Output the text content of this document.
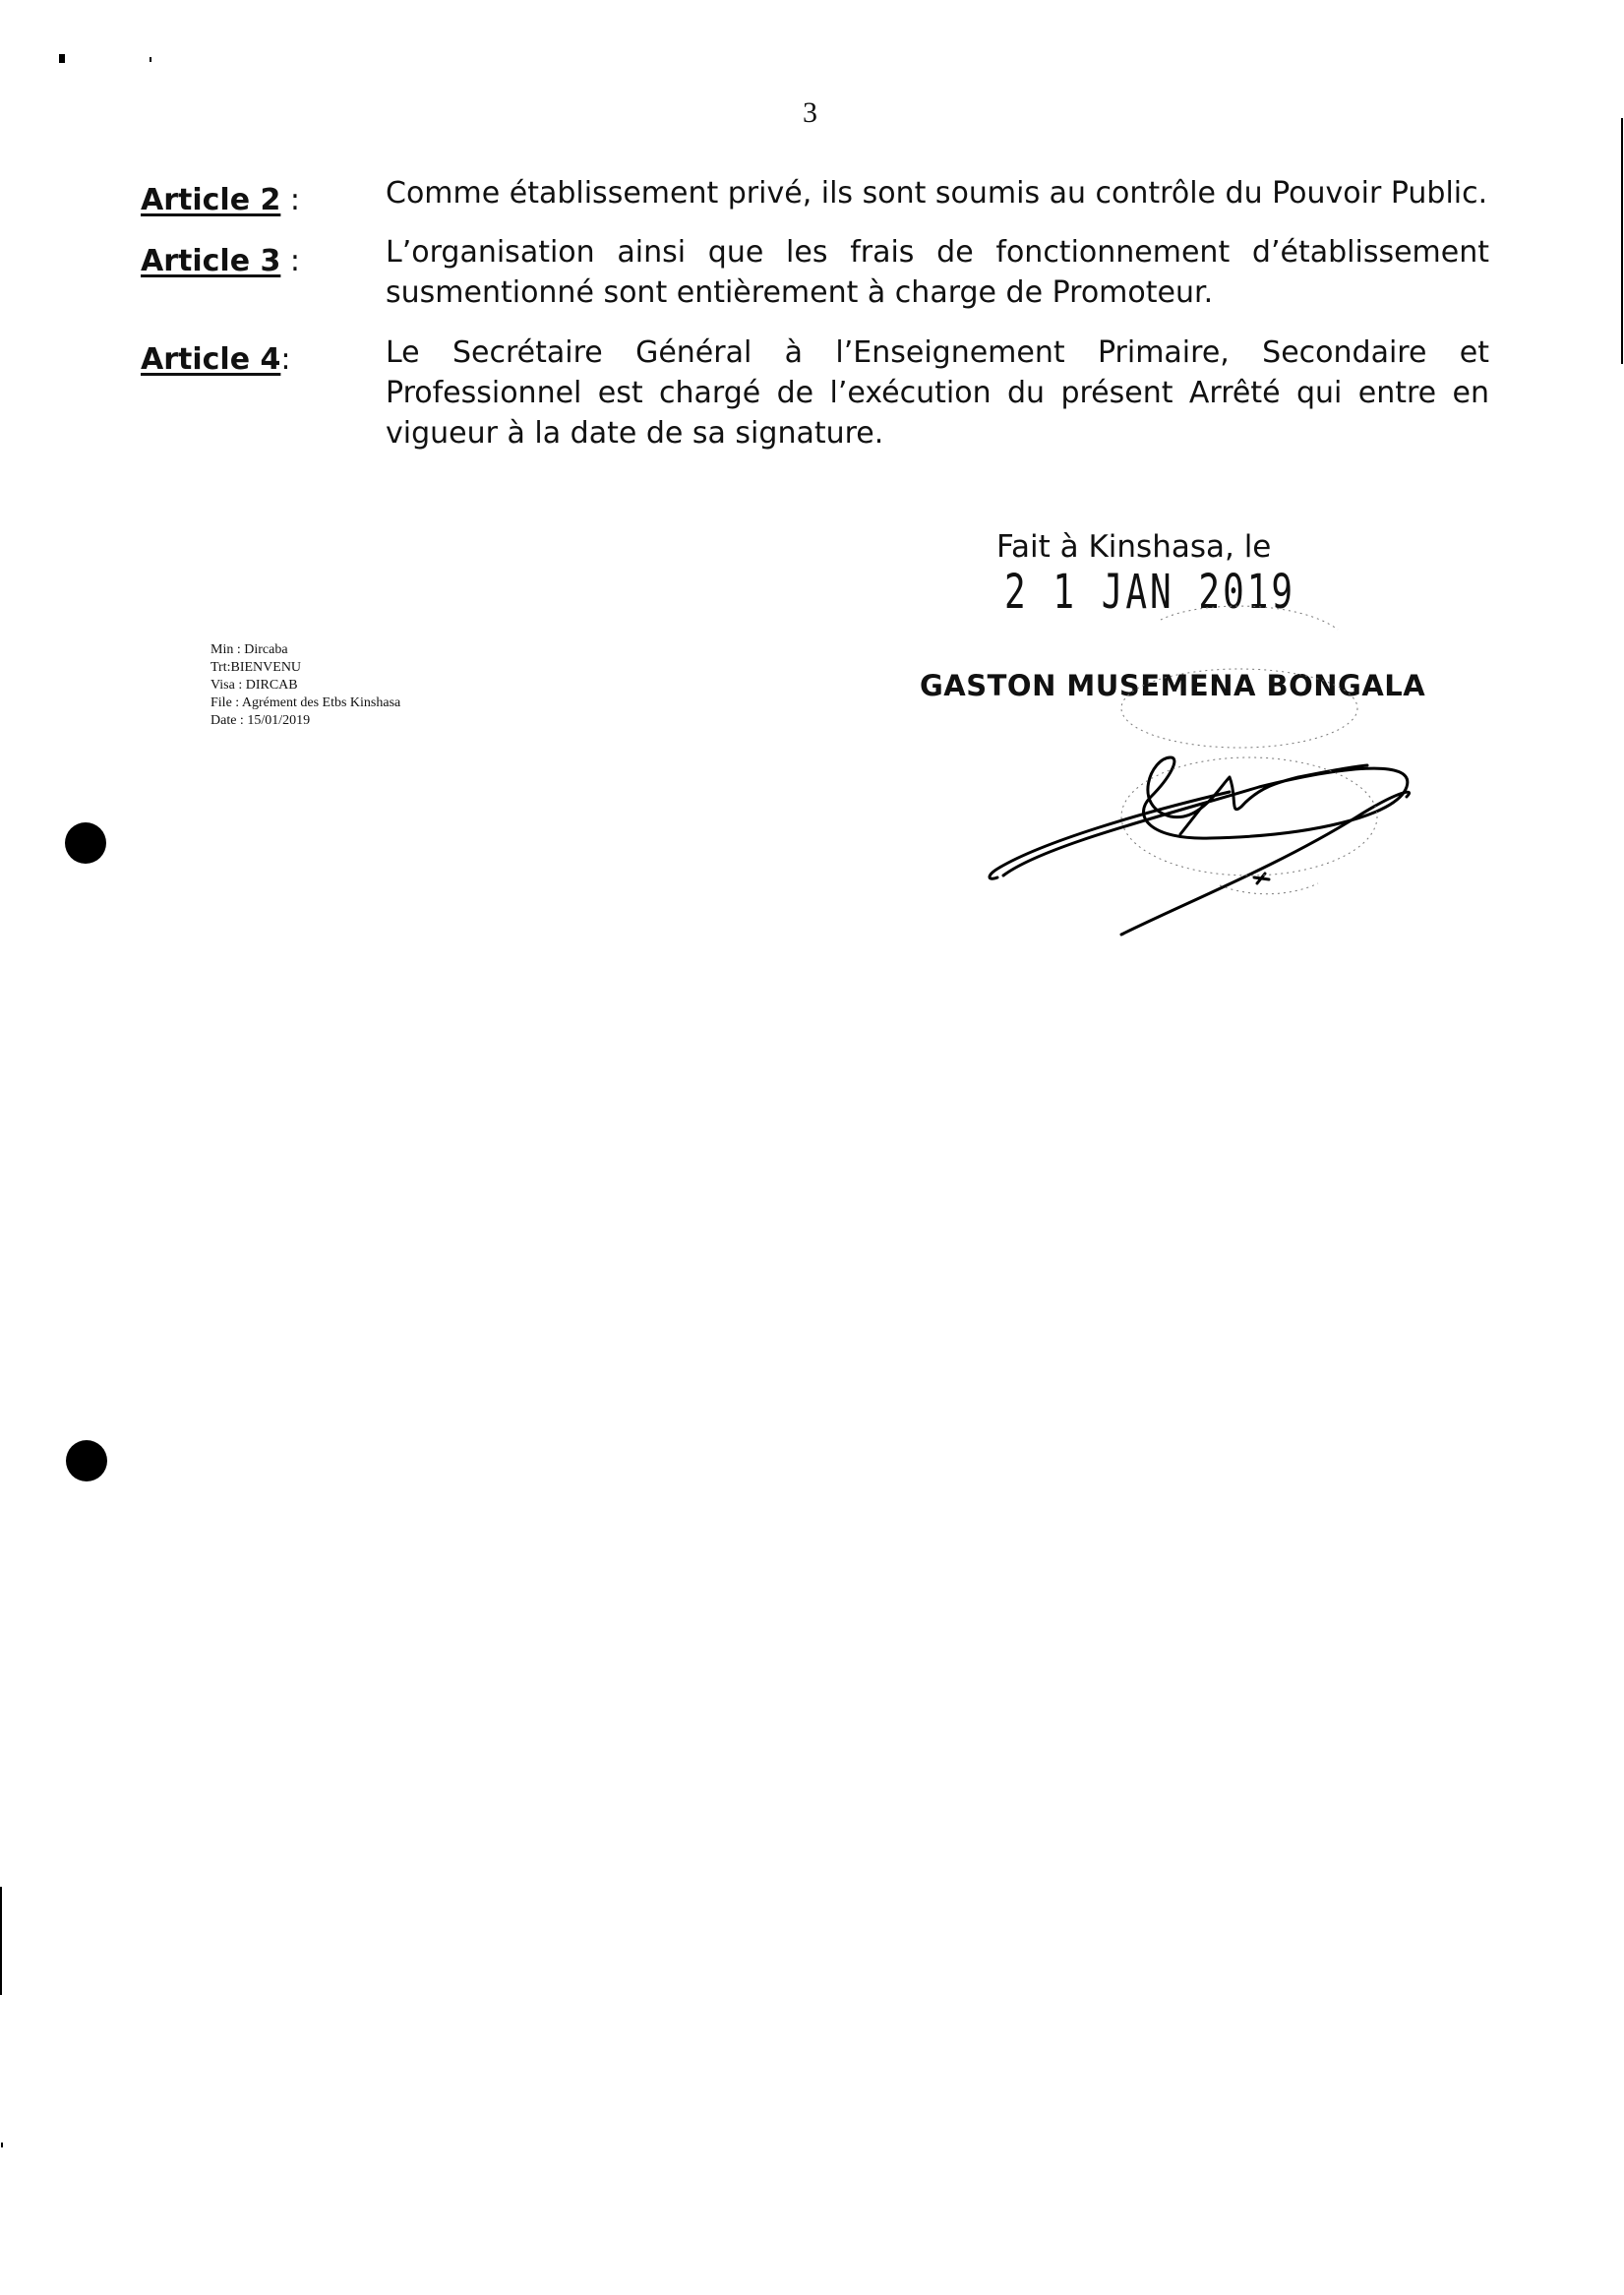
3
Article 2 :	Comme établissement privé, ils sont soumis au contrôle du Pouvoir Public.
Article 3 :	L’organisation ainsi que les frais de fonctionnement d’établissement susmentionné sont entièrement à charge de Promoteur.
Article 4:	Le Secrétaire Général à l’Enseignement Primaire, Secondaire et Professionnel est chargé de l’exécution du présent Arrêté qui entre en vigueur à la date de sa signature.
Fait à Kinshasa, le 2 1 JAN 2019
Min : Dircaba
Trt:BIENVENU
Visa : DIRCAB
File : Agrément des Etbs Kinshasa
Date : 15/01/2019
GASTON MUSEMENA BONGALA
